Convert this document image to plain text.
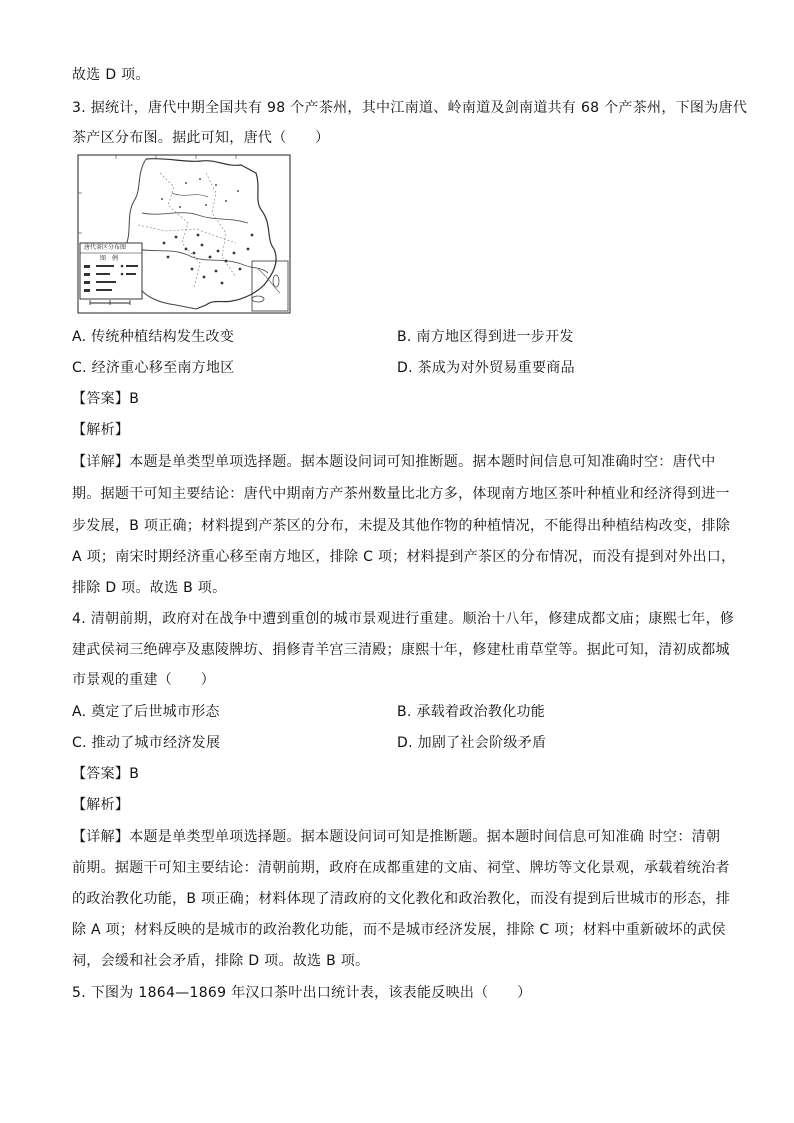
故选 D 项。
3. 据统计，唐代中期全国共有 98 个产茶州，其中江南道、岭南道及剑南道共有 68 个产茶州，下图为唐代
茶产区分布图。据此可知，唐代（　　）
唐代茶区分布图
图　例
A. 传统种植结构发生改变	B. 南方地区得到进一步开发
C. 经济重心移至南方地区	D. 茶成为对外贸易重要商品
【答案】B
【解析】
【详解】本题是单类型单项选择题。据本题设问词可知推断题。据本题时间信息可知准确时空：唐代中
期。据题干可知主要结论：唐代中期南方产茶州数量比北方多，体现南方地区茶叶种植业和经济得到进一
步发展，B 项正确；材料提到产茶区的分布，未提及其他作物的种植情况，不能得出种植结构改变，排除
A 项；南宋时期经济重心移至南方地区，排除 C 项；材料提到产茶区的分布情况，而没有提到对外出口，
排除 D 项。故选 B 项。
4. 清朝前期，政府对在战争中遭到重创的城市景观进行重建。顺治十八年，修建成都文庙；康熙七年，修
建武侯祠三绝碑亭及惠陵牌坊、捐修青羊宫三清殿；康熙十年，修建杜甫草堂等。据此可知，清初成都城
市景观的重建（　　）
A. 奠定了后世城市形态	B. 承载着政治教化功能
C. 推动了城市经济发展	D. 加剧了社会阶级矛盾
【答案】B
【解析】
【详解】本题是单类型单项选择题。据本题设问词可知是推断题。据本题时间信息可知准确 时空：清朝
前期。据题干可知主要结论：清朝前期，政府在成都重建的文庙、祠堂、牌坊等文化景观，承载着统治者
的政治教化功能，B 项正确；材料体现了清政府的文化教化和政治教化，而没有提到后世城市的形态，排
除 A 项；材料反映的是城市的政治教化功能，而不是城市经济发展，排除 C 项；材料中重新破坏的武侯
祠，会缓和社会矛盾，排除 D 项。故选 B 项。
5. 下图为 1864—1869 年汉口茶叶出口统计表，该表能反映出（　　）
